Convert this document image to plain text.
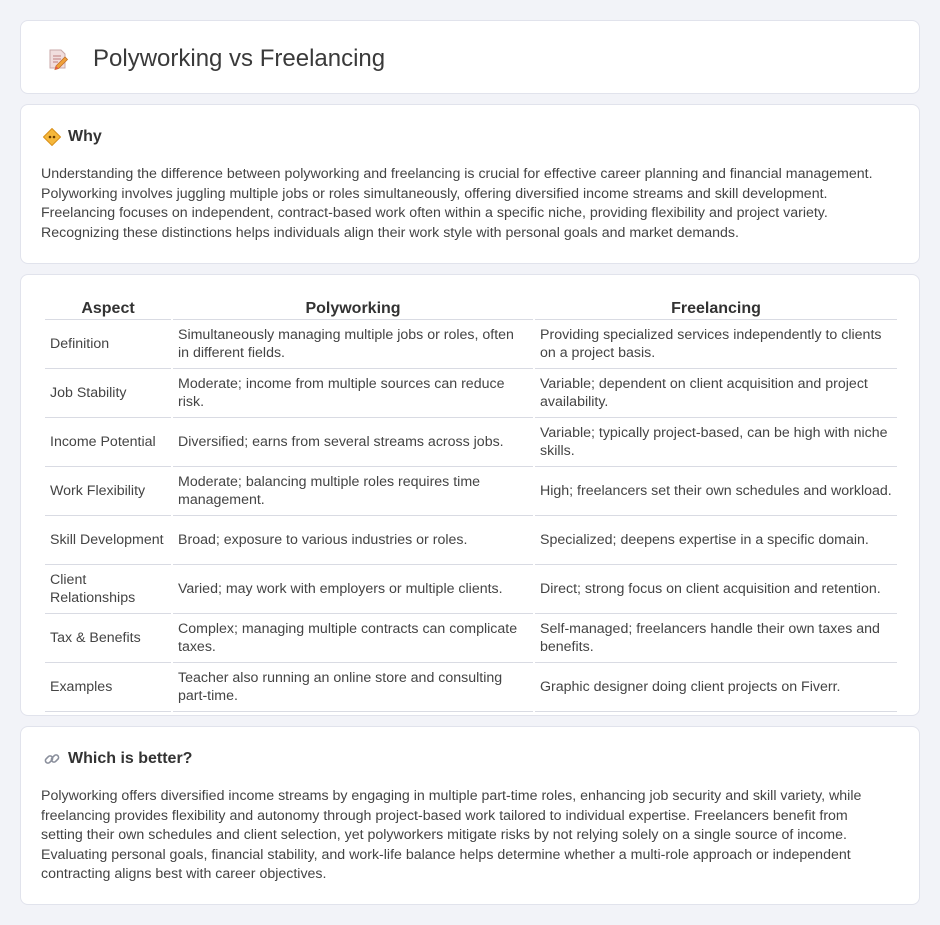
Polyworking vs Freelancing
Why

Understanding the difference between polyworking and freelancing is crucial for effective career planning and financial management. Polyworking involves juggling multiple jobs or roles simultaneously, offering diversified income streams and skill development. Freelancing focuses on independent, contract-based work often within a specific niche, providing flexibility and project variety. Recognizing these distinctions helps individuals align their work style with personal goals and market demands.

Aspect	Polyworking	Freelancing
Definition	Simultaneously managing multiple jobs or roles, often in different fields.	Providing specialized services independently to clients on a project basis.
Job Stability	Moderate; income from multiple sources can reduce risk.	Variable; dependent on client acquisition and project availability.
Income Potential	Diversified; earns from several streams across jobs.	Variable; typically project-based, can be high with niche skills.
Work Flexibility	Moderate; balancing multiple roles requires time management.	High; freelancers set their own schedules and workload.
Skill Development	Broad; exposure to various industries or roles.	Specialized; deepens expertise in a specific domain.
Client Relationships	Varied; may work with employers or multiple clients.	Direct; strong focus on client acquisition and retention.
Tax & Benefits	Complex; managing multiple contracts can complicate taxes.	Self-managed; freelancers handle their own taxes and benefits.
Examples	Teacher also running an online store and consulting part-time.	Graphic designer doing client projects on Fiverr.
Which is better?

Polyworking offers diversified income streams by engaging in multiple part-time roles, enhancing job security and skill variety, while freelancing provides flexibility and autonomy through project-based work tailored to individual expertise. Freelancers benefit from setting their own schedules and client selection, yet polyworkers mitigate risks by not relying solely on a single source of income. Evaluating personal goals, financial stability, and work-life balance helps determine whether a multi-role approach or independent contracting aligns best with career objectives.
